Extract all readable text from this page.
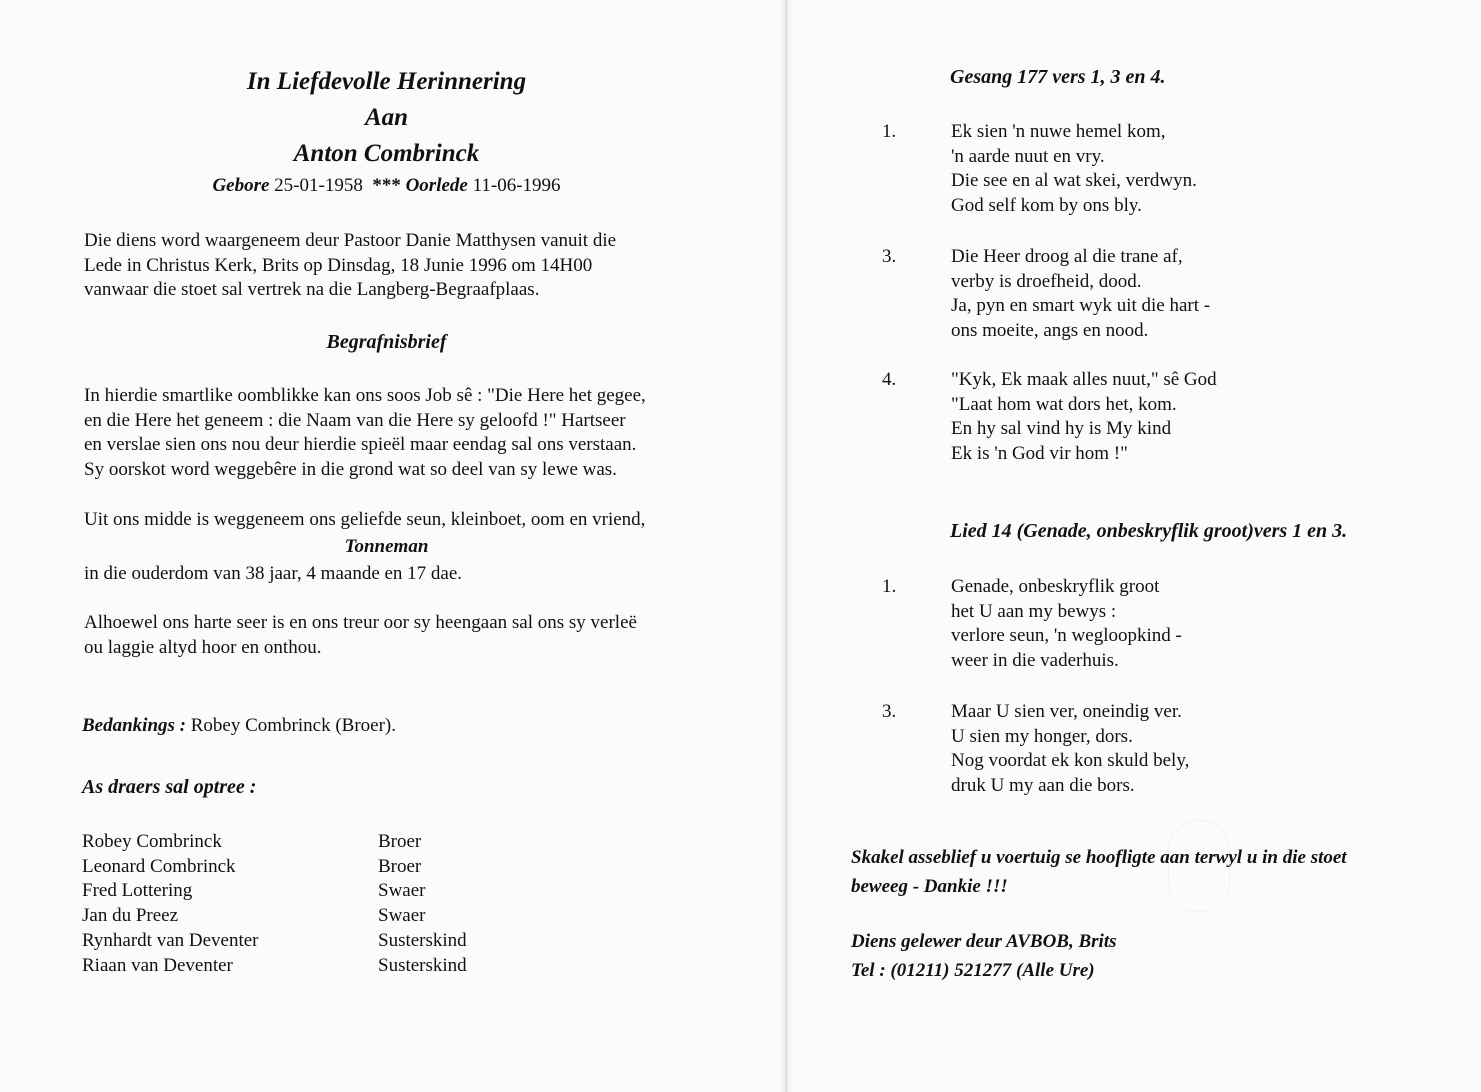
In Liefdevolle Herinnering
Aan
Anton Combrinck
Gebore 25-01-1958 *** Oorlede 11-06-1996
Die diens word waargeneem deur Pastoor Danie Matthysen vanuit die
Lede in Christus Kerk, Brits op Dinsdag, 18 Junie 1996 om 14H00
vanwaar die stoet sal vertrek na die Langberg-Begraafplaas.
Begrafnisbrief
In hierdie smartlike oomblikke kan ons soos Job sê : "Die Here het gegee,
en die Here het geneem : die Naam van die Here sy geloofd !" Hartseer
en verslae sien ons nou deur hierdie spieël maar eendag sal ons verstaan.
Sy oorskot word weggebêre in die grond wat so deel van sy lewe was.
Uit ons midde is weggeneem ons geliefde seun, kleinboet, oom en vriend,
Tonneman
in die ouderdom van 38 jaar, 4 maande en 17 dae.
Alhoewel ons harte seer is en ons treur oor sy heengaan sal ons sy verleë
ou laggie altyd hoor en onthou.
Bedankings : Robey Combrinck (Broer).
As draers sal optree :
Robey Combrinck	Broer
Leonard Combrinck	Broer
Fred Lottering	Swaer
Jan du Preez	Swaer
Rynhardt van Deventer	Susterskind
Riaan van Deventer	Susterskind
Gesang 177 vers 1, 3 en 4.
1.	Ek sien 'n nuwe hemel kom,
'n aarde nuut en vry.
Die see en al wat skei, verdwyn.
God self kom by ons bly.
3.	Die Heer droog al die trane af,
verby is droefheid, dood.
Ja, pyn en smart wyk uit die hart -
ons moeite, angs en nood.
4.	"Kyk, Ek maak alles nuut," sê God
"Laat hom wat dors het, kom.
En hy sal vind hy is My kind
Ek is 'n God vir hom !"
Lied 14 (Genade, onbeskryflik groot)vers 1 en 3.
1.	Genade, onbeskryflik groot
het U aan my bewys :
verlore seun, 'n wegloopkind -
weer in die vaderhuis.
3.	Maar U sien ver, oneindig ver.
U sien my honger, dors.
Nog voordat ek kon skuld bely,
druk U my aan die bors.
Skakel asseblief u voertuig se hoofligte aan terwyl u in die stoet
beweeg - Dankie !!!
Diens gelewer deur AVBOB, Brits
Tel : (01211) 521277 (Alle Ure)
